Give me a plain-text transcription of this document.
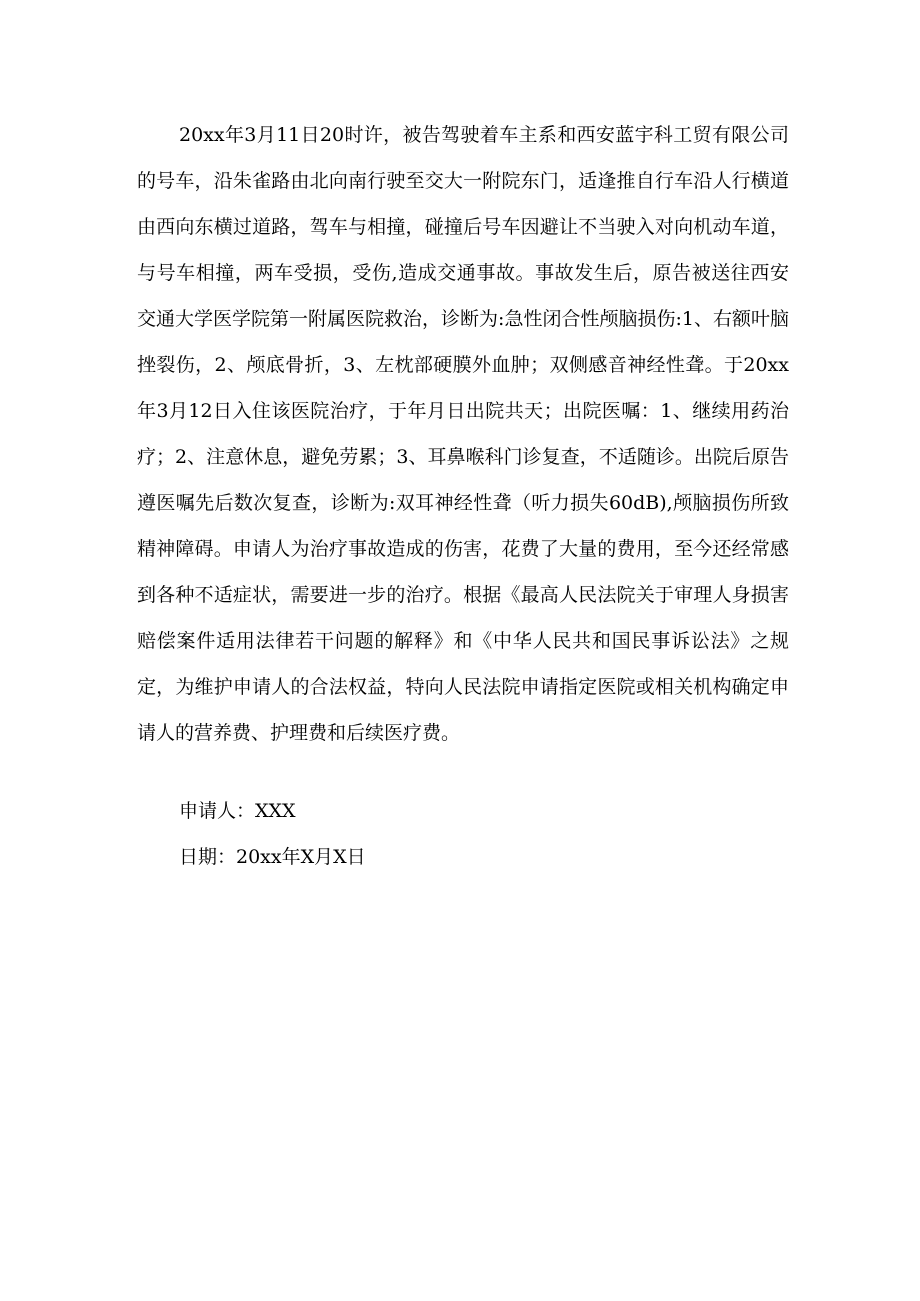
20xx年3月11日20时许，被告驾驶着车主系和西安蓝宇科工贸有限公司的号车，沿朱雀路由北向南行驶至交大一附院东门，适逢推自行车沿人行横道由西向东横过道路，驾车与相撞，碰撞后号车因避让不当驶入对向机动车道，与号车相撞，两车受损，受伤,造成交通事故。事故发生后，原告被送往西安交通大学医学院第一附属医院救治，诊断为:急性闭合性颅脑损伤:1、右额叶脑挫裂伤，2、颅底骨折，3、左枕部硬膜外血肿；双侧感音神经性聋。于20xx年3月12日入住该医院治疗，于年月日出院共天；出院医嘱：1、继续用药治疗；2、注意休息，避免劳累；3、耳鼻喉科门诊复查，不适随诊。出院后原告遵医嘱先后数次复查，诊断为:双耳神经性聋（听力损失60dB),颅脑损伤所致精神障碍。申请人为治疗事故造成的伤害，花费了大量的费用，至今还经常感到各种不适症状，需要进一步的治疗。根据《最高人民法院关于审理人身损害赔偿案件适用法律若干问题的解释》和《中华人民共和国民事诉讼法》之规定，为维护申请人的合法权益，特向人民法院申请指定医院或相关机构确定申请人的营养费、护理费和后续医疗费。

申请人：XXX

日期：20xx年X月X日
